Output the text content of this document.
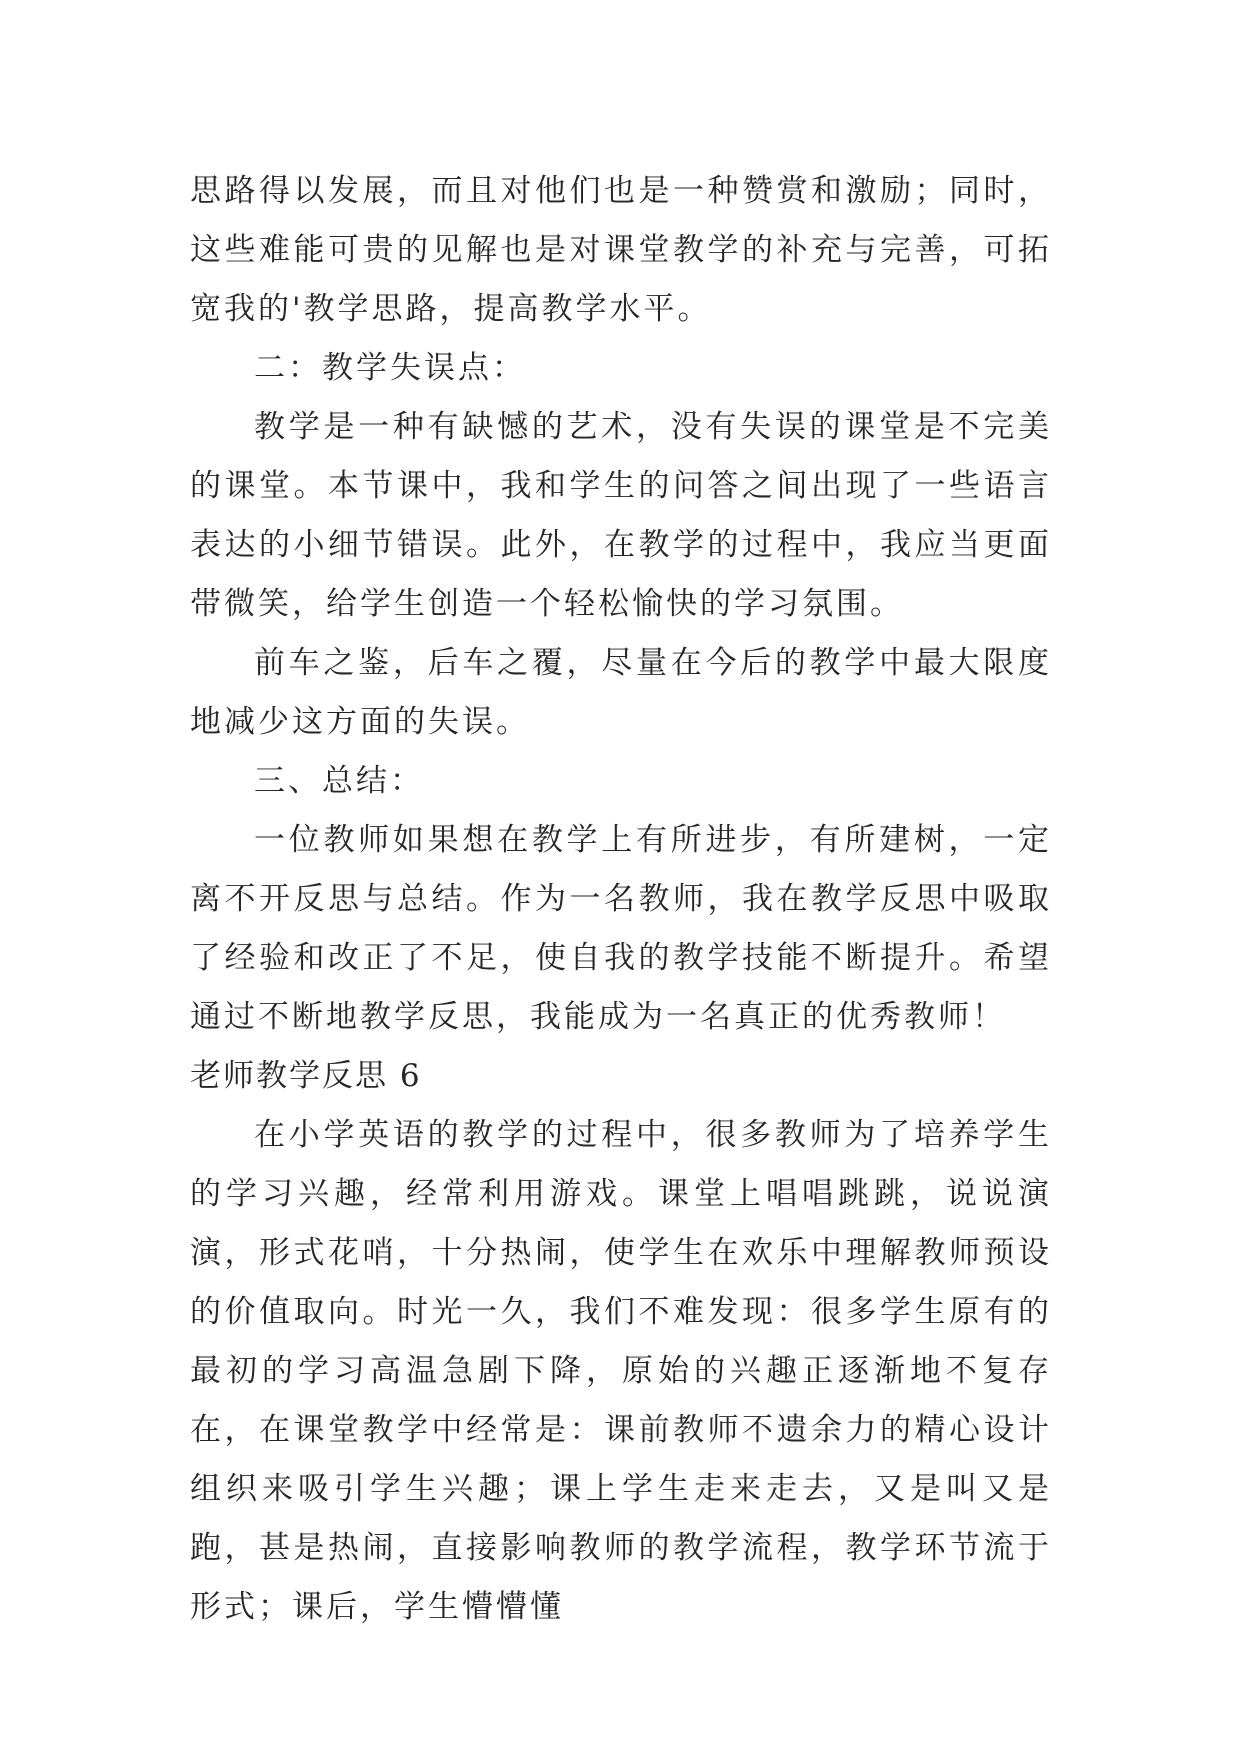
思路得以发展，而且对他们也是一种赞赏和激励；同时，这些难能可贵的见解也是对课堂教学的补充与完善，可拓宽我的'教学思路，提高教学水平。

二：教学失误点：

教学是一种有缺憾的艺术，没有失误的课堂是不完美的课堂。本节课中，我和学生的问答之间出现了一些语言表达的小细节错误。此外，在教学的过程中，我应当更面带微笑，给学生创造一个轻松愉快的学习氛围。

前车之鉴，后车之覆，尽量在今后的教学中最大限度地减少这方面的失误。

三、总结：

一位教师如果想在教学上有所进步，有所建树，一定离不开反思与总结。作为一名教师，我在教学反思中吸取了经验和改正了不足，使自我的教学技能不断提升。希望通过不断地教学反思，我能成为一名真正的优秀教师！

老师教学反思 6

在小学英语的教学的过程中，很多教师为了培养学生的学习兴趣，经常利用游戏。课堂上唱唱跳跳，说说演演，形式花哨，十分热闹，使学生在欢乐中理解教师预设的价值取向。时光一久，我们不难发现：很多学生原有的最初的学习高温急剧下降，原始的兴趣正逐渐地不复存在，在课堂教学中经常是：课前教师不遗余力的精心设计组织来吸引学生兴趣；课上学生走来走去，又是叫又是跑，甚是热闹，直接影响教师的教学流程，教学环节流于形式；课后，学生懵懵懂
